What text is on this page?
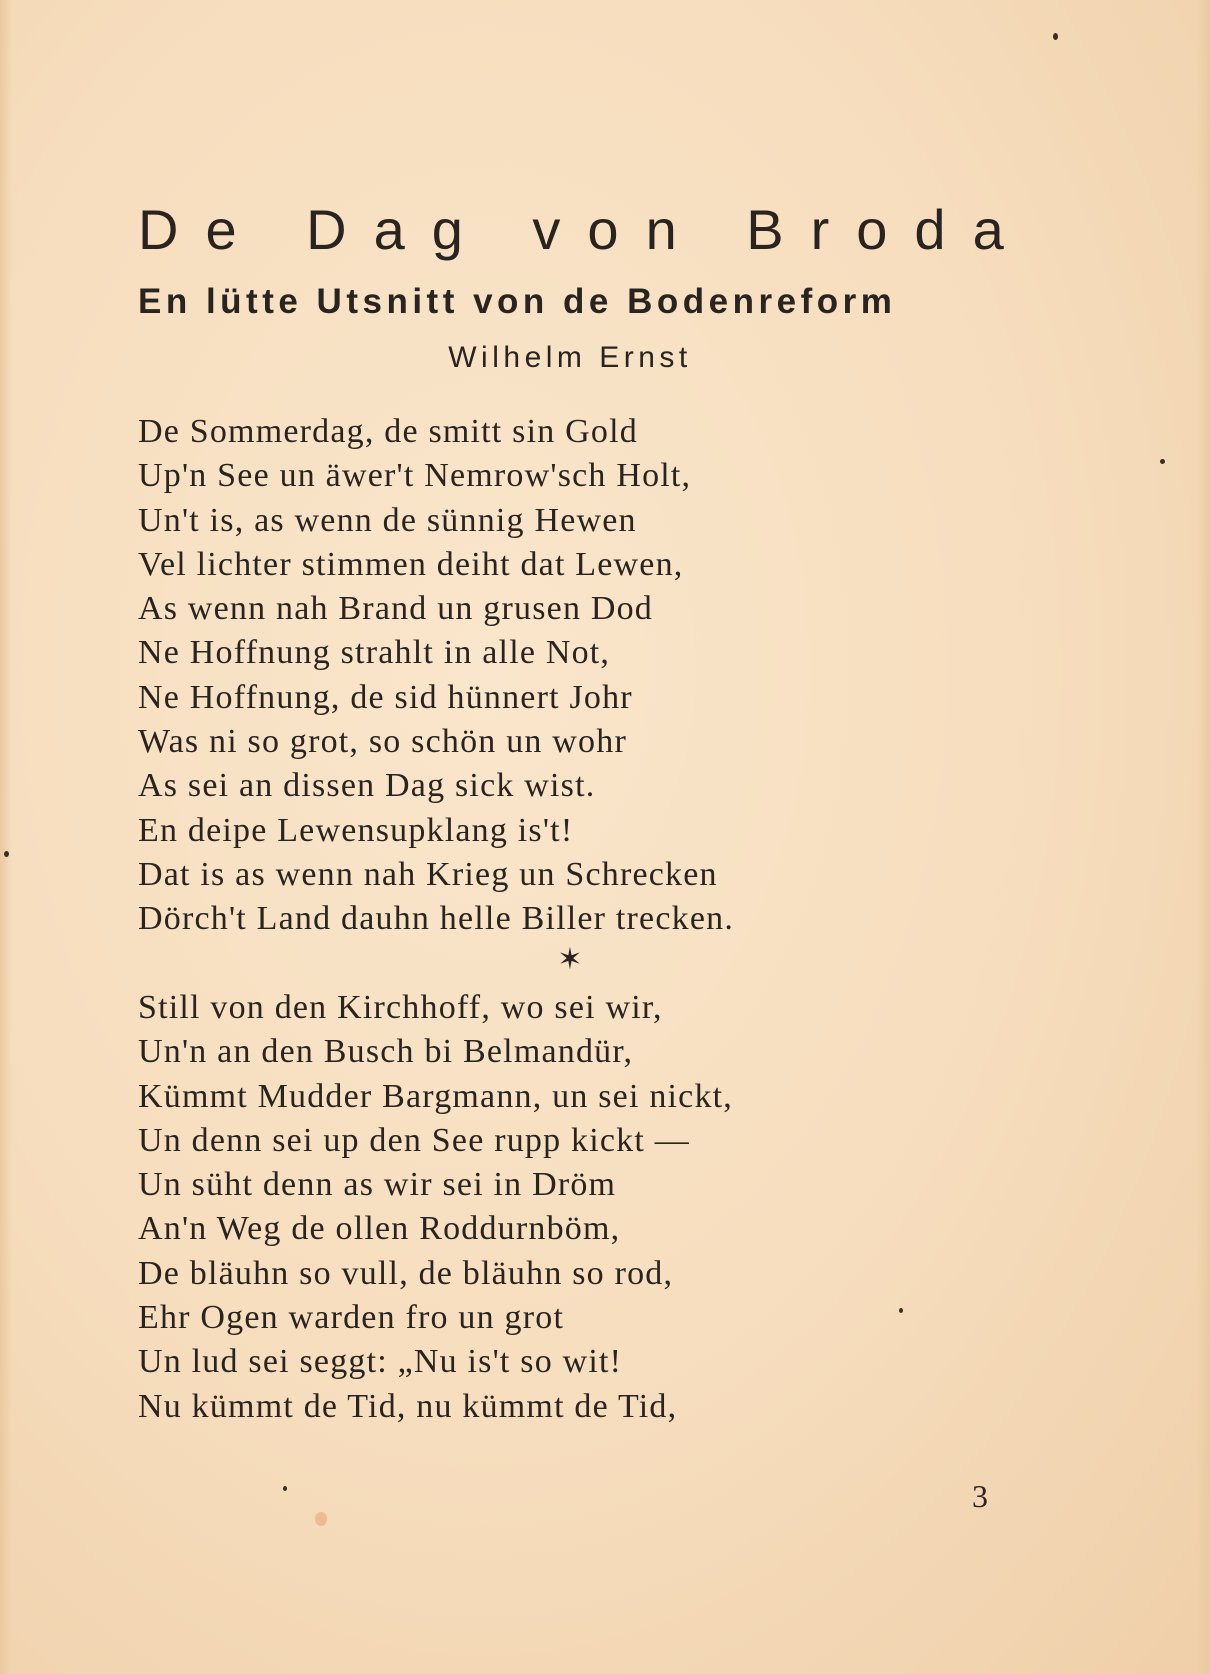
De Dag von Broda
En lütte Utsnitt von de Bodenreform
Wilhelm Ernst
De Sommerdag, de smitt sin Gold
Up'n See un äwer't Nemrow'sch Holt,
Un't is, as wenn de sünnig Hewen
Vel lichter stimmen deiht dat Lewen,
As wenn nah Brand un grusen Dod
Ne Hoffnung strahlt in alle Not,
Ne Hoffnung, de sid hünnert Johr
Was ni so grot, so schön un wohr
As sei an dissen Dag sick wist.
En deipe Lewensupklang is't!
Dat is as wenn nah Krieg un Schrecken
Dörch't Land dauhn helle Biller trecken.
✶
Still von den Kirchhoff, wo sei wir,
Un'n an den Busch bi Belmandür,
Kümmt Mudder Bargmann, un sei nickt,
Un denn sei up den See rupp kickt —
Un süht denn as wir sei in Dröm
An'n Weg de ollen Roddurnböm,
De bläuhn so vull, de bläuhn so rod,
Ehr Ogen warden fro un grot
Un lud sei seggt: „Nu is't so wit!
Nu kümmt de Tid, nu kümmt de Tid,
3
